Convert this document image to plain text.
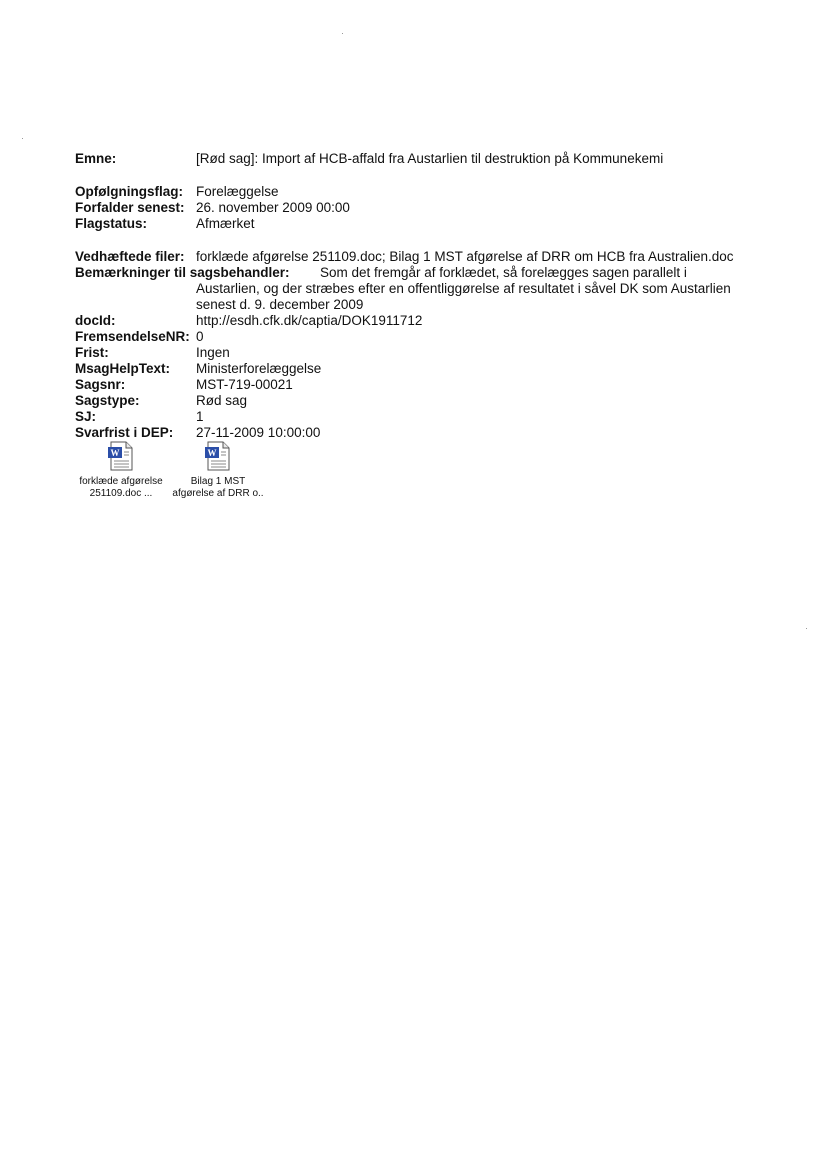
Emne:	[Rød sag]: Import af HCB-affald fra Austarlien til destruktion på Kommunekemi
Opfølgningsflag: Forelæggelse
Forfalder senest: 26. november 2009 00:00
Flagstatus:	Afmærket
Vedhæftede filer: forklæde afgørelse 251109.doc; Bilag 1 MST afgørelse af DRR om HCB fra Australien.doc
Bemærkninger til sagsbehandler: Som det fremgår af forklædet, så forelægges sagen parallelt i
Austarlien, og der stræbes efter en offentliggørelse af resultatet i såvel DK som Austarlien
senest d. 9. december 2009
docId:	http://esdh.cfk.dk/captia/DOK1911712
FremsendelseNR: 0
Frist:	Ingen
MsagHelpText: Ministerforelæggelse
Sagsnr:	MST-719-00021
Sagstype:	Rød sag
SJ:	1
Svarfrist i DEP: 27-11-2009 10:00:00
W
forklæde afgørelse
251109.doc ...
W
Bilag 1 MST
afgørelse af DRR o..
